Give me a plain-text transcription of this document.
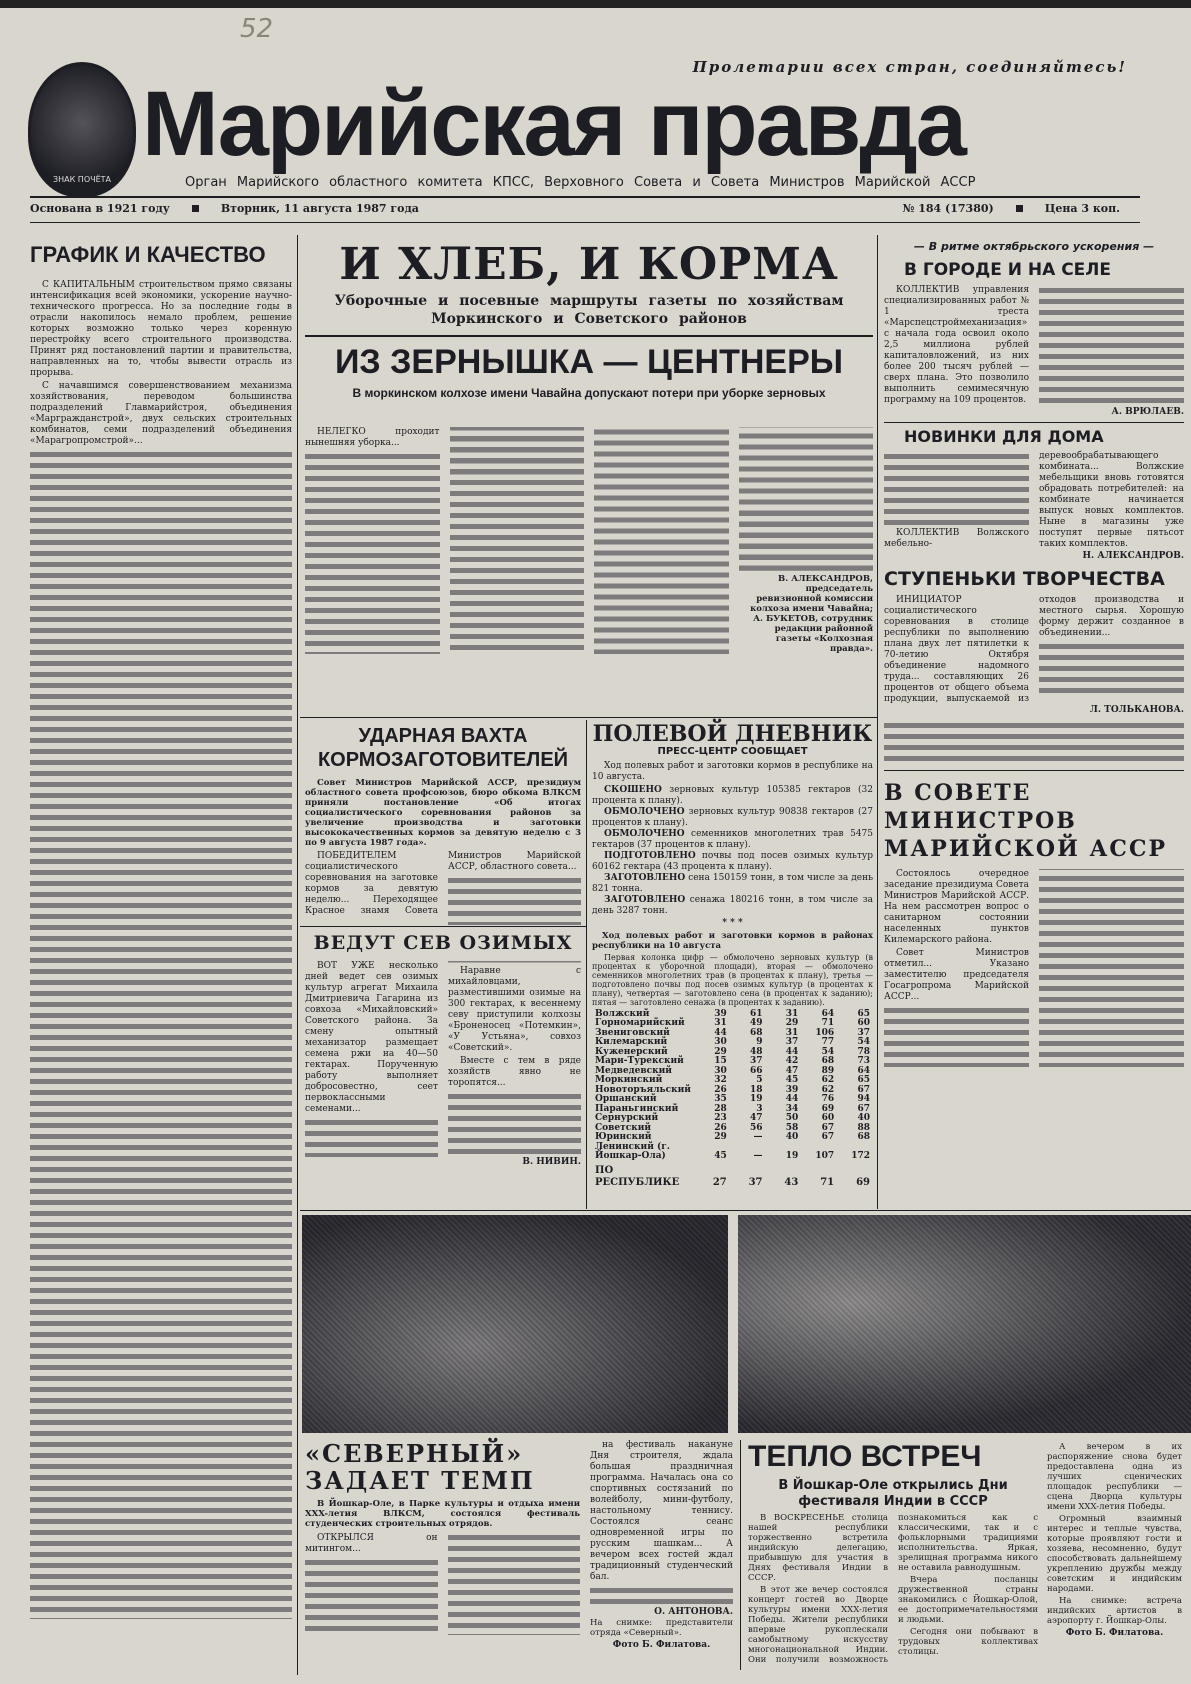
52
ЗНАК ПОЧЁТА
Пролетарии всех стран, соединяйтесь!
Марийская правда
Орган Марийского областного комитета КПСС, Верховного Совета и Совета Министров Марийской АССР
Основана в 1921 году	Вторник, 11 августа 1987 года	№ 184 (17380)	Цена 3 коп.
ГРАФИК И КАЧЕСТВО

С КАПИТАЛЬНЫМ строительством прямо связаны интенсификация всей экономики, ускорение научно-технического прогресса. Но за последние годы в отрасли накопилось немало проблем, решение которых возможно только через коренную перестройку всего строительного производства. Принят ряд постановлений партии и правительства, направленных на то, чтобы вывести отрасль из прорыва.

С начавшимся совершенствованием механизма хозяйствования, переводом большинства подразделений Главмарийстроя, объединения «Маргражданстрой», двух сельских строительных комбинатов, семи подразделений объединения «Марагропромстрой»...

И ХЛЕБ, И КОРМА
Уборочные и посевные маршруты газеты по хозяйствам Моркинского и Советского районов
ИЗ ЗЕРНЫШКА — ЦЕНТНЕРЫ
В моркинском колхозе имени Чавайна допускают потери при уборке зерновых

НЕЛЕГКО проходит нынешняя уборка...

В. АЛЕКСАНДРОВ, председатель ревизионной комиссии колхоза имени Чавайна; А. БУКЕТОВ, сотрудник редакции районной газеты «Колхозная правда».
УДАРНАЯ ВАХТА КОРМОЗАГОТОВИТЕЛЕЙ

Совет Министров Марийской АССР, президиум областного совета профсоюзов, бюро обкома ВЛКСМ приняли постановление «Об итогах социалистического соревнования районов за увеличение производства и заготовки высококачественных кормов за девятую неделю с 3 по 9 августа 1987 года».

ПОБЕДИТЕЛЕМ социалистического соревнования на заготовке кормов за девятую неделю... Переходящее Красное знамя Совета Министров Марийской АССР, областного совета...

ВЕДУТ СЕВ ОЗИМЫХ

ВОТ УЖЕ несколько дней ведет сев озимых культур агрегат Михаила Дмитриевича Гагарина из совхоза «Михайловский» Советского района. За смену опытный механизатор размещает семена ржи на 40—50 гектарах. Порученную работу выполняет добросовестно, сеет первоклассными семенами...

Наравне с михайловцами, разместившими озимые на 300 гектарах, к весеннему севу приступили колхозы «Броненосец «Потемкин», «У Устьяна», совхоз «Советский».

Вместе с тем в ряде хозяйств явно не торопятся...

В. НИВИН.
ПОЛЕВОЙ ДНЕВНИК
ПРЕСС-ЦЕНТР СООБЩАЕТ

Ход полевых работ и заготовки кормов в республике на 10 августа.

СКОШЕНО зерновых культур 105385 гектаров (32 процента к плану).

ОБМОЛОЧЕНО зерновых культур 90838 гектаров (27 процентов к плану).

ОБМОЛОЧЕНО семенников многолетних трав 5475 гектаров (37 процентов к плану).

ПОДГОТОВЛЕНО почвы под посев озимых культур 60162 гектара (43 процента к плану).

ЗАГОТОВЛЕНО сена 150159 тонн, в том числе за день 821 тонна.

ЗАГОТОВЛЕНО сенажа 180216 тонн, в том числе за день 3287 тонн.

* * *

Ход полевых работ и заготовки кормов в районах республики на 10 августа

Первая колонка цифр — обмолочено зерновых культур (в процентах к уборочной площади), вторая — обмолочено семенников многолетних трав (в процентах к плану), третья — подготовлено почвы под посев озимых культур (в процентах к плану), четвертая — заготовлено сена (в процентах к заданию); пятая — заготовлено сенажа (в процентах к заданию).

Волжский	39	61	31	64	65
Горномарийский	31	49	29	71	60
Звениговский	44	68	31	106	37
Килемарский	30	9	37	77	54
Куженерский	29	48	44	54	78
Мари-Турекский	15	37	42	68	73
Медведевский	30	66	47	89	64
Моркинский	32	5	45	62	65
Новоторъяльский	26	18	39	62	67
Оршанский	35	19	44	76	94
Параньгинский	28	3	34	69	67
Сернурский	23	47	50	60	40
Советский	26	56	58	67	88
Юринский	29	—	40	67	68
Ленинский (г. Йошкар-Ола)	45	—	19	107	172
ПО РЕСПУБЛИКЕ	27	37	43	71	69
«СЕВЕРНЫЙ» ЗАДАЕТ ТЕМП

В Йошкар-Оле, в Парке культуры и отдыха имени XXX-летия ВЛКСМ, состоялся фестиваль студенческих строительных отрядов.

ОТКРЫЛСЯ он митингом...

на фестиваль накануне Дня строителя, ждала большая праздничная программа. Началась она со спортивных состязаний по волейболу, мини-футболу, настольному теннису. Состоялся сеанс одновременной игры по русским шашкам... А вечером всех гостей ждал традиционный студенческий бал.

О. АНТОНОВА.

На снимке: представители отряда «Северный».

Фото Б. Филатова.
ТЕПЛО ВСТРЕЧ
В Йошкар-Оле открылись Дни фестиваля Индии в СССР

В ВОСКРЕСЕНЬЕ столица нашей республики торжественно встретила индийскую делегацию, прибывшую для участия в Днях фестиваля Индии в СССР.

В этот же вечер состоялся концерт гостей во Дворце культуры имени XXX-летия Победы. Жители республики впервые рукоплескали самобытному искусству многонациональной Индии. Они получили возможность познакомиться как с классическими, так и с фольклорными традициями исполнительства. Яркая, зрелищная программа никого не оставила равнодушным.

Вчера посланцы дружественной страны знакомились с Йошкар-Олой, ее достопримечательностями и людьми.

Сегодня они побывают в трудовых коллективах столицы.

А вечером в их распоряжение снова будет предоставлена одна из лучших сценических площадок республики — сцена Дворца культуры имени XXX-летия Победы.

Огромный взаимный интерес и теплые чувства, которые проявляют гости и хозяева, несомненно, будут способствовать дальнейшему укреплению дружбы между советским и индийским народами.

На снимке: встреча индийских артистов в аэропорту г. Йошкар-Олы.

Фото Б. Филатова.
— В ритме октябрьского ускорения —
В ГОРОДЕ И НА СЕЛЕ

КОЛЛЕКТИВ управления специализированных работ № 1 треста «Марспецстроймеханизация» с начала года освоил около 2,5 миллиона рублей капиталовложений, из них более 200 тысяч рублей — сверх плана. Это позволило выполнить семимесячную программу на 109 процентов.

А. ВРЮЛАЕВ.
НОВИНКИ ДЛЯ ДОМА

КОЛЛЕКТИВ Волжского мебельно-деревообрабатывающего комбината... Волжские мебельщики вновь готовятся обрадовать потребителей: на комбинате начинается выпуск новых комплектов. Ныне в магазины уже поступят первые пятьсот таких комплектов.

Н. АЛЕКСАНДРОВ.
СТУПЕНЬКИ ТВОРЧЕСТВА

ИНИЦИАТОР социалистического соревнования в столице республики по выполнению плана двух лет пятилетки к 70-летию Октября объединение надомного труда... составляющих 26 процентов от общего объема продукции, выпускаемой из отходов производства и местного сырья. Хорошую форму держит созданное в объединении...

Л. ТОЛЬКАНОВА.
В СОВЕТЕ МИНИСТРОВ МАРИЙСКОЙ АССР

Состоялось очередное заседание президиума Совета Министров Марийской АССР. На нем рассмотрен вопрос о санитарном состоянии населенных пунктов Килемарского района.

Совет Министров отметил... Указано заместителю председателя Госагропрома Марийской АССР...
